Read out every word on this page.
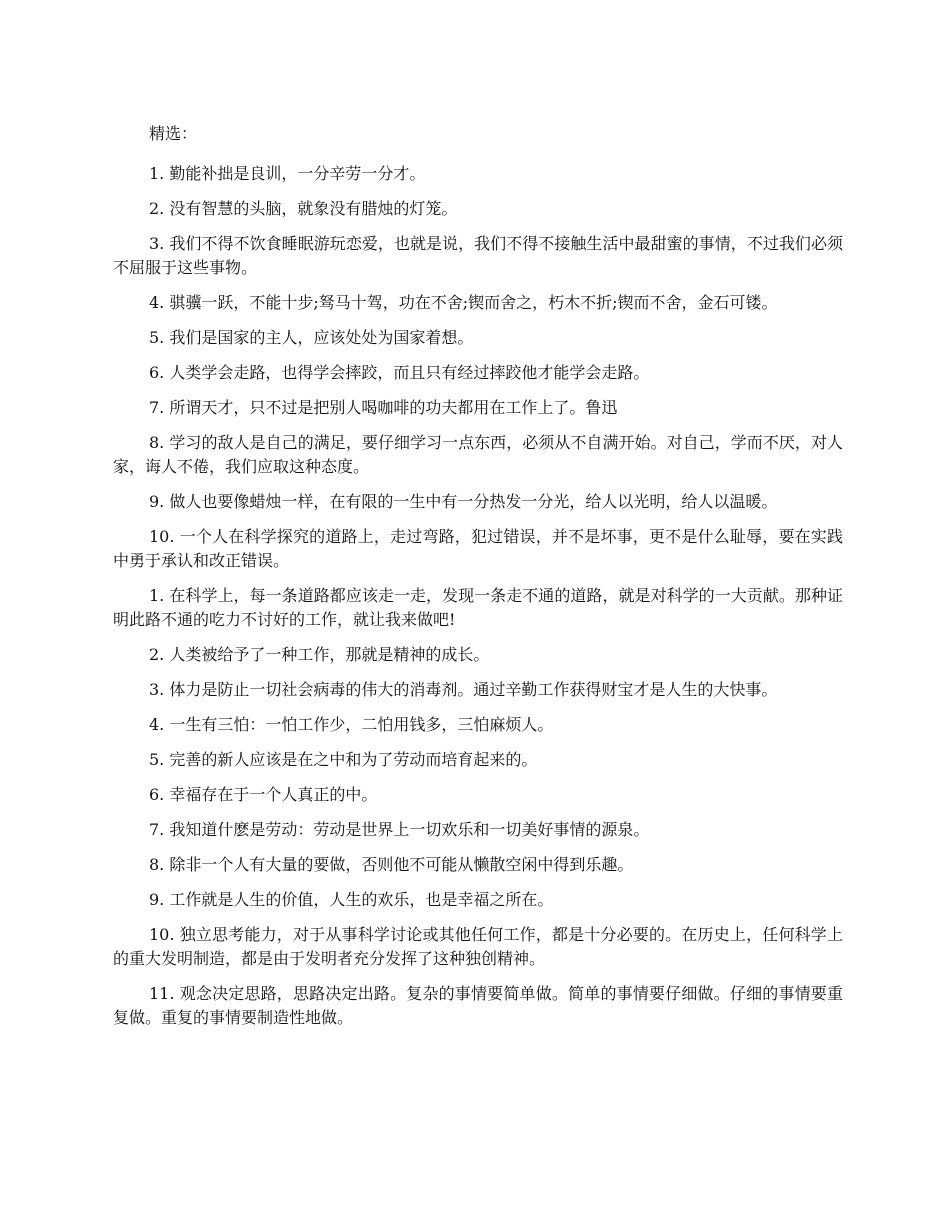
精选：

1. 勤能补拙是良训，一分辛劳一分才。

2. 没有智慧的头脑，就象没有腊烛的灯笼。

3. 我们不得不饮食睡眠游玩恋爱，也就是说，我们不得不接触生活中最甜蜜的事情，不过我们必须不屈服于这些事物。

4. 骐骥一跃，不能十步;驽马十驾，功在不舍;锲而舍之，朽木不折;锲而不舍，金石可镂。

5. 我们是国家的主人，应该处处为国家着想。

6. 人类学会走路，也得学会摔跤，而且只有经过摔跤他才能学会走路。

7. 所谓天才，只不过是把别人喝咖啡的功夫都用在工作上了。鲁迅

8. 学习的敌人是自己的满足，要仔细学习一点东西，必须从不自满开始。对自己，学而不厌，对人家，诲人不倦，我们应取这种态度。

9. 做人也要像蜡烛一样，在有限的一生中有一分热发一分光，给人以光明，给人以温暖。

10. 一个人在科学探究的道路上，走过弯路，犯过错误，并不是坏事，更不是什么耻辱，要在实践中勇于承认和改正错误。

1. 在科学上，每一条道路都应该走一走，发现一条走不通的道路，就是对科学的一大贡献。那种证明此路不通的吃力不讨好的工作，就让我来做吧!

2. 人类被给予了一种工作，那就是精神的成长。

3. 体力是防止一切社会病毒的伟大的消毒剂。通过辛勤工作获得财宝才是人生的大快事。

4. 一生有三怕：一怕工作少，二怕用钱多，三怕麻烦人。

5. 完善的新人应该是在之中和为了劳动而培育起来的。

6. 幸福存在于一个人真正的中。

7. 我知道什麽是劳动：劳动是世界上一切欢乐和一切美好事情的源泉。

8. 除非一个人有大量的要做，否则他不可能从懒散空闲中得到乐趣。

9. 工作就是人生的价值，人生的欢乐，也是幸福之所在。

10. 独立思考能力，对于从事科学讨论或其他任何工作，都是十分必要的。在历史上，任何科学上的重大发明制造，都是由于发明者充分发挥了这种独创精神。

11. 观念决定思路，思路决定出路。复杂的事情要简单做。简单的事情要仔细做。仔细的事情要重复做。重复的事情要制造性地做。
